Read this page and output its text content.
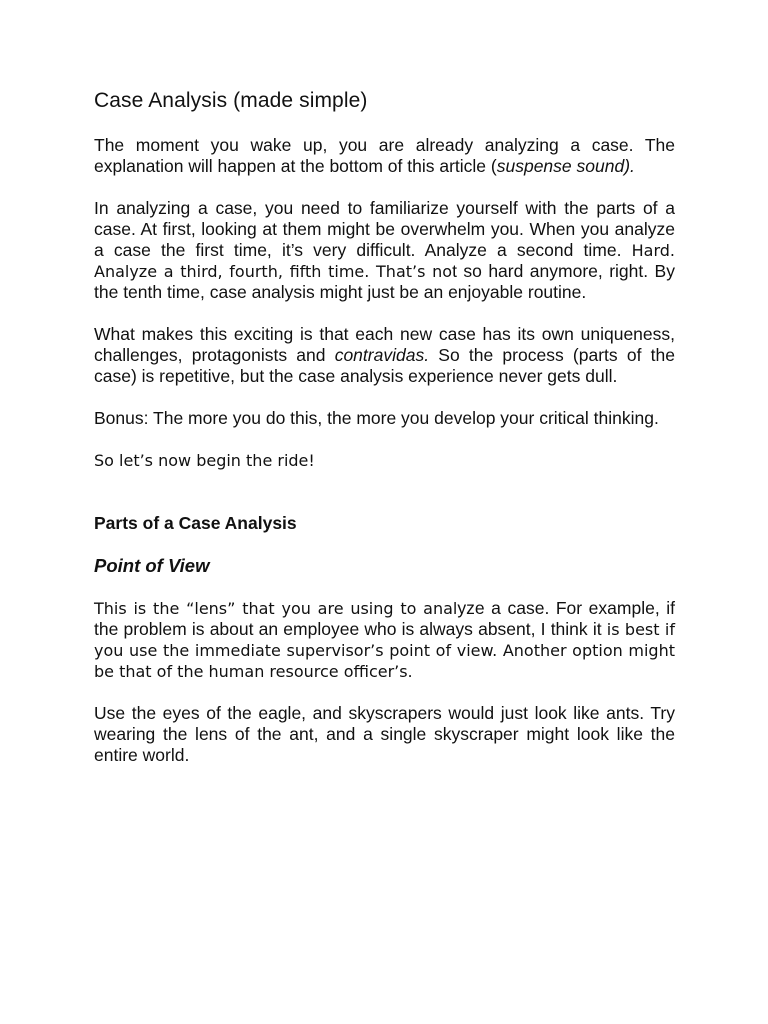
Case Analysis (made simple)

The moment you wake up, you are already analyzing a case. The explanation will happen at the bottom of this article (suspense sound).

In analyzing a case, you need to familiarize yourself with the parts of a case. At first, looking at them might be overwhelm you. When you analyze a case the first time, it’s very difficult. Analyze a second time. Hard. Analyze a third, fourth, fifth time. That’s not so hard anymore, right. By the tenth time, case analysis might just be an enjoyable routine.

What makes this exciting is that each new case has its own uniqueness, challenges, protagonists and contravidas. So the process (parts of the case) is repetitive, but the case analysis experience never gets dull.

Bonus: The more you do this, the more you develop your critical thinking.

So let’s now begin the ride!

Parts of a Case Analysis
Point of View

This is the “lens” that you are using to analyze a case. For example, if the problem is about an employee who is always absent, I think it is best if you use the immediate supervisor’s point of view. Another option might be that of the human resource officer’s.

Use the eyes of the eagle, and skyscrapers would just look like ants. Try wearing the lens of the ant, and a single skyscraper might look like the entire world.
